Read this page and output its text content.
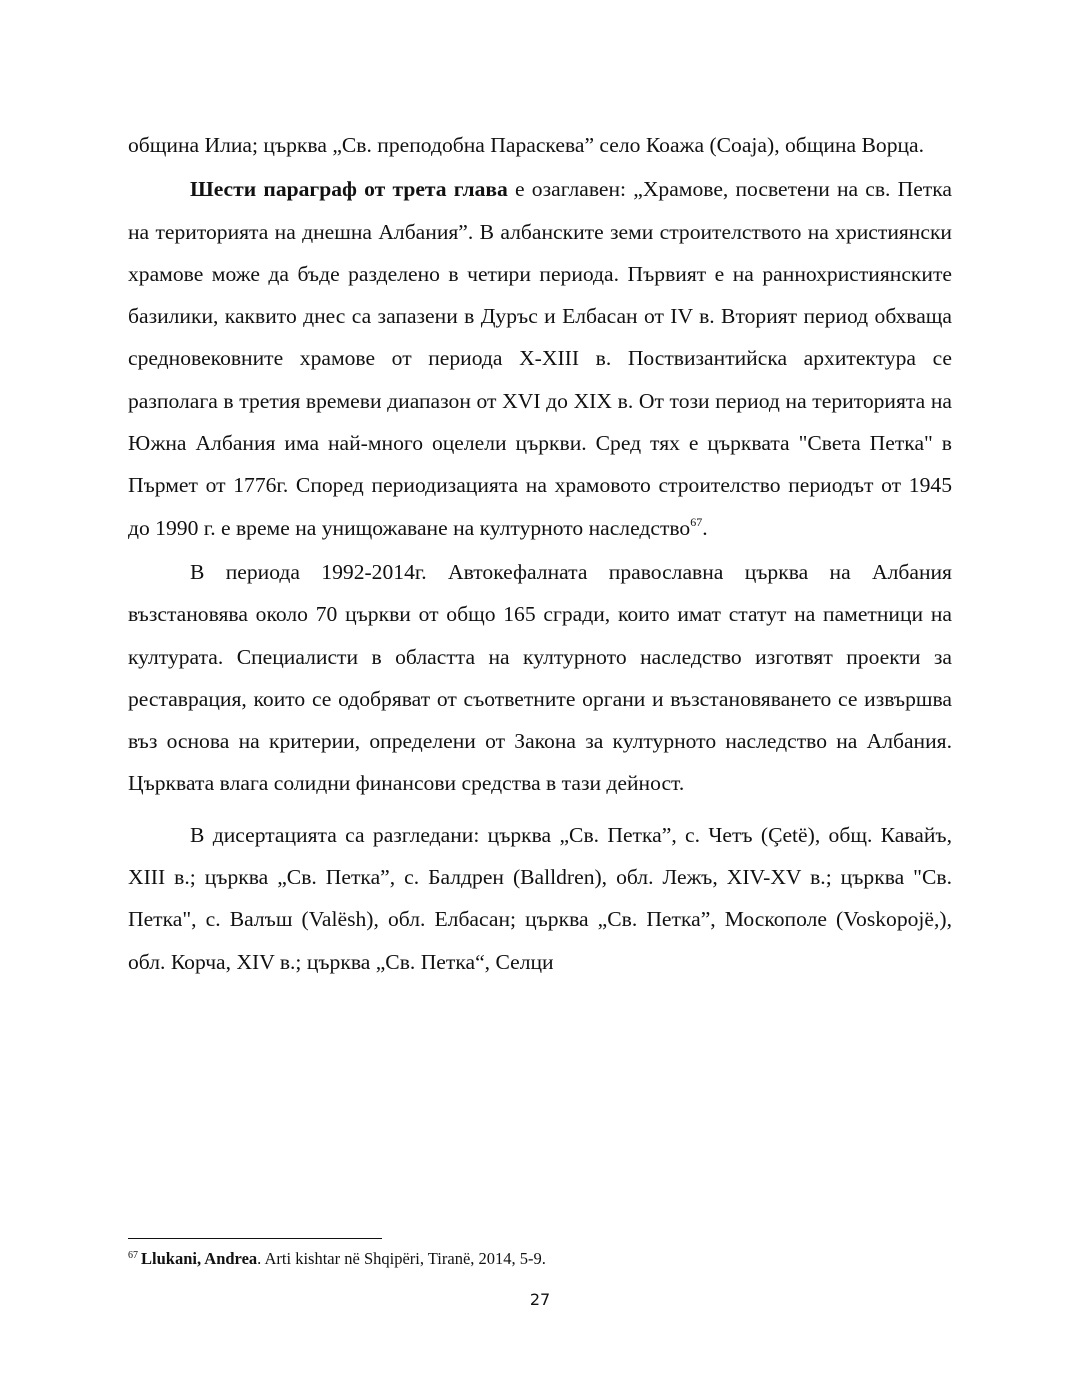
община Илиа; църква „Св. преподобна Параскева” село Коажа (Coaja), община Ворца.

Шести параграф от трета глава е озаглавен: „Храмове, посветени на св. Петка на територията на днешна Албания”. В албанските земи строителството на християнски храмове може да бъде разделено в четири периода. Първият е на раннохристиянските базилики, каквито днес са запазени в Дуръс и Елбасан от IV в. Вторият период обхваща средновековните храмове от периода X-XIII в. Поствизантийска архитектура се разполага в третия времеви диапазон от XVI до XIX в. От този период на територията на Южна Албания има най-много оцелели църкви. Сред тях е църквата "Света Петка" в Пърмет от 1776г. Според периодизацията на храмовото строителство периодът от 1945 до 1990 г. е време на унищожаване на културното наследство$^{67}$.

В периода 1992-2014г. Автокефалната православна църква на Албания възстановява около 70 църкви от общо 165 сгради, които имат статут на паметници на културата. Специалисти в областта на културното наследство изготвят проекти за реставрация, които се одобряват от съответните органи и възстановяването се извършва въз основа на критерии, определени от Закона за културното наследство на Албания. Църквата влага солидни финансови средства в тази дейност.

В дисертацията са разгледани: църква „Св. Петка”, с. Четъ (Çetë), общ. Кавайъ, XIII в.; църква „Св. Петка”, с. Балдрен (Balldren), обл. Лежъ, XIV-XV в.; църква "Св. Петка", с. Валъш (Valësh), обл. Елбасан; църква „Св. Петка”, Москополе (Voskopojë,), обл. Корча, XIV в.; църква „Св. Петка“, Селци

$^{67}$ Llukani, Andrea. Arti kishtar në Shqipëri, Tiranë, 2014, 5-9.
27
